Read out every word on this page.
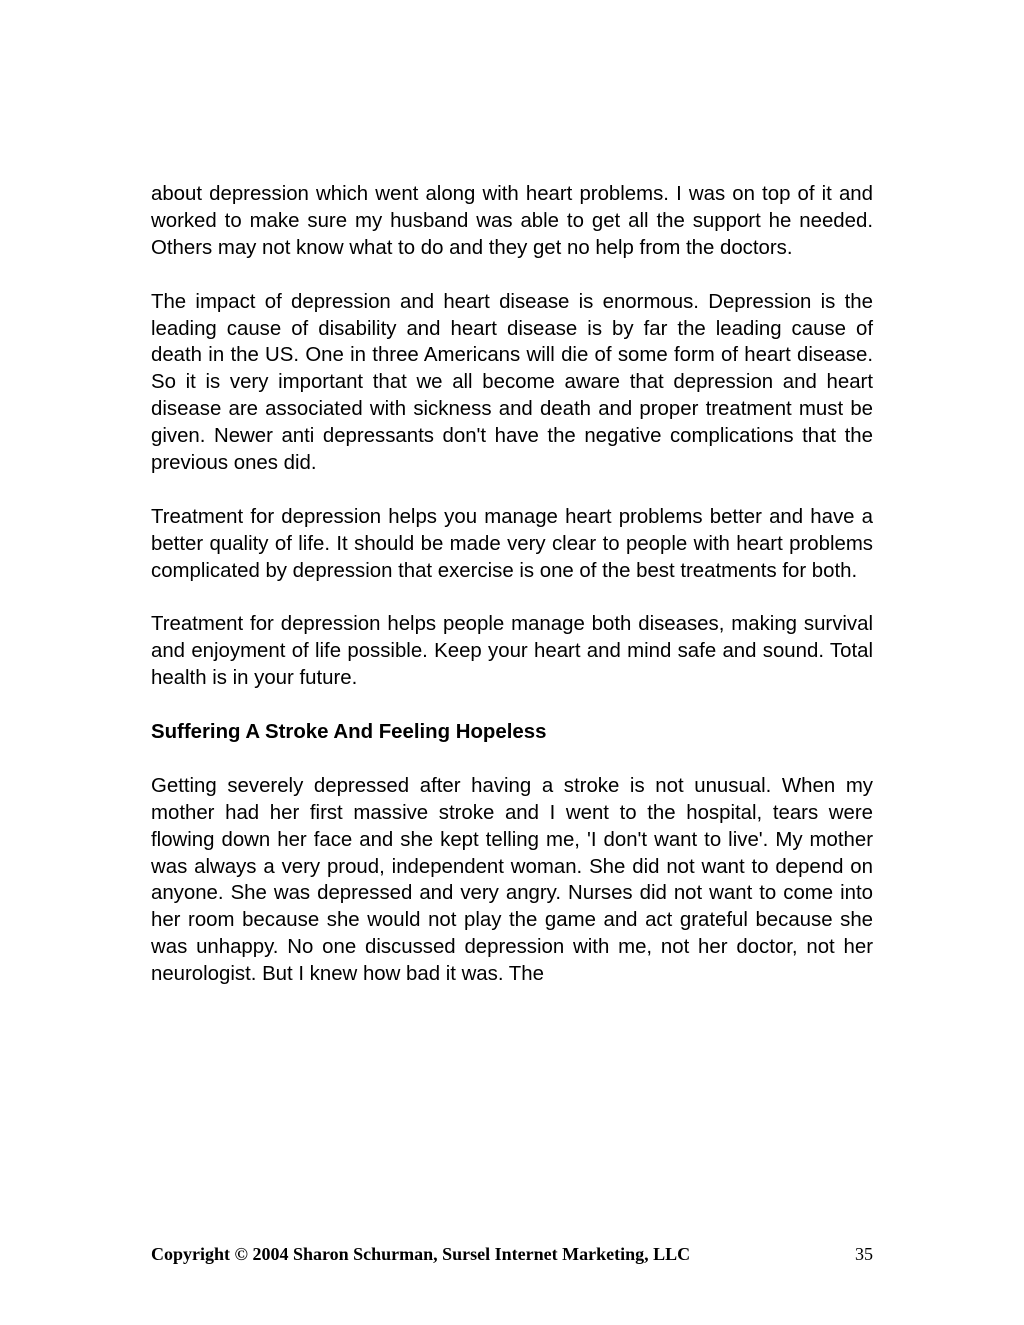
about depression which went along with heart problems. I was on top of it and worked to make sure my husband was able to get all the support he needed. Others may not know what to do and they get no help from the doctors.

The impact of depression and heart disease is enormous. Depression is the leading cause of disability and heart disease is by far the leading cause of death in the US. One in three Americans will die of some form of heart disease. So it is very important that we all become aware that depression and heart disease are associated with sickness and death and proper treatment must be given. Newer anti depressants don't have the negative complications that the previous ones did.

Treatment for depression helps you manage heart problems better and have a better quality of life. It should be made very clear to people with heart problems complicated by depression that exercise is one of the best treatments for both.

Treatment for depression helps people manage both diseases, making survival and enjoyment of life possible. Keep your heart and mind safe and sound. Total health is in your future.

Suffering A Stroke And Feeling Hopeless

Getting severely depressed after having a stroke is not unusual. When my mother had her first massive stroke and I went to the hospital, tears were flowing down her face and she kept telling me, 'I don't want to live'. My mother was always a very proud, independent woman. She did not want to depend on anyone. She was depressed and very angry. Nurses did not want to come into her room because she would not play the game and act grateful because she was unhappy. No one discussed depression with me, not her doctor, not her neurologist. But I knew how bad it was. The

Copyright © 2004 Sharon Schurman, Sursel Internet Marketing, LLC	35
